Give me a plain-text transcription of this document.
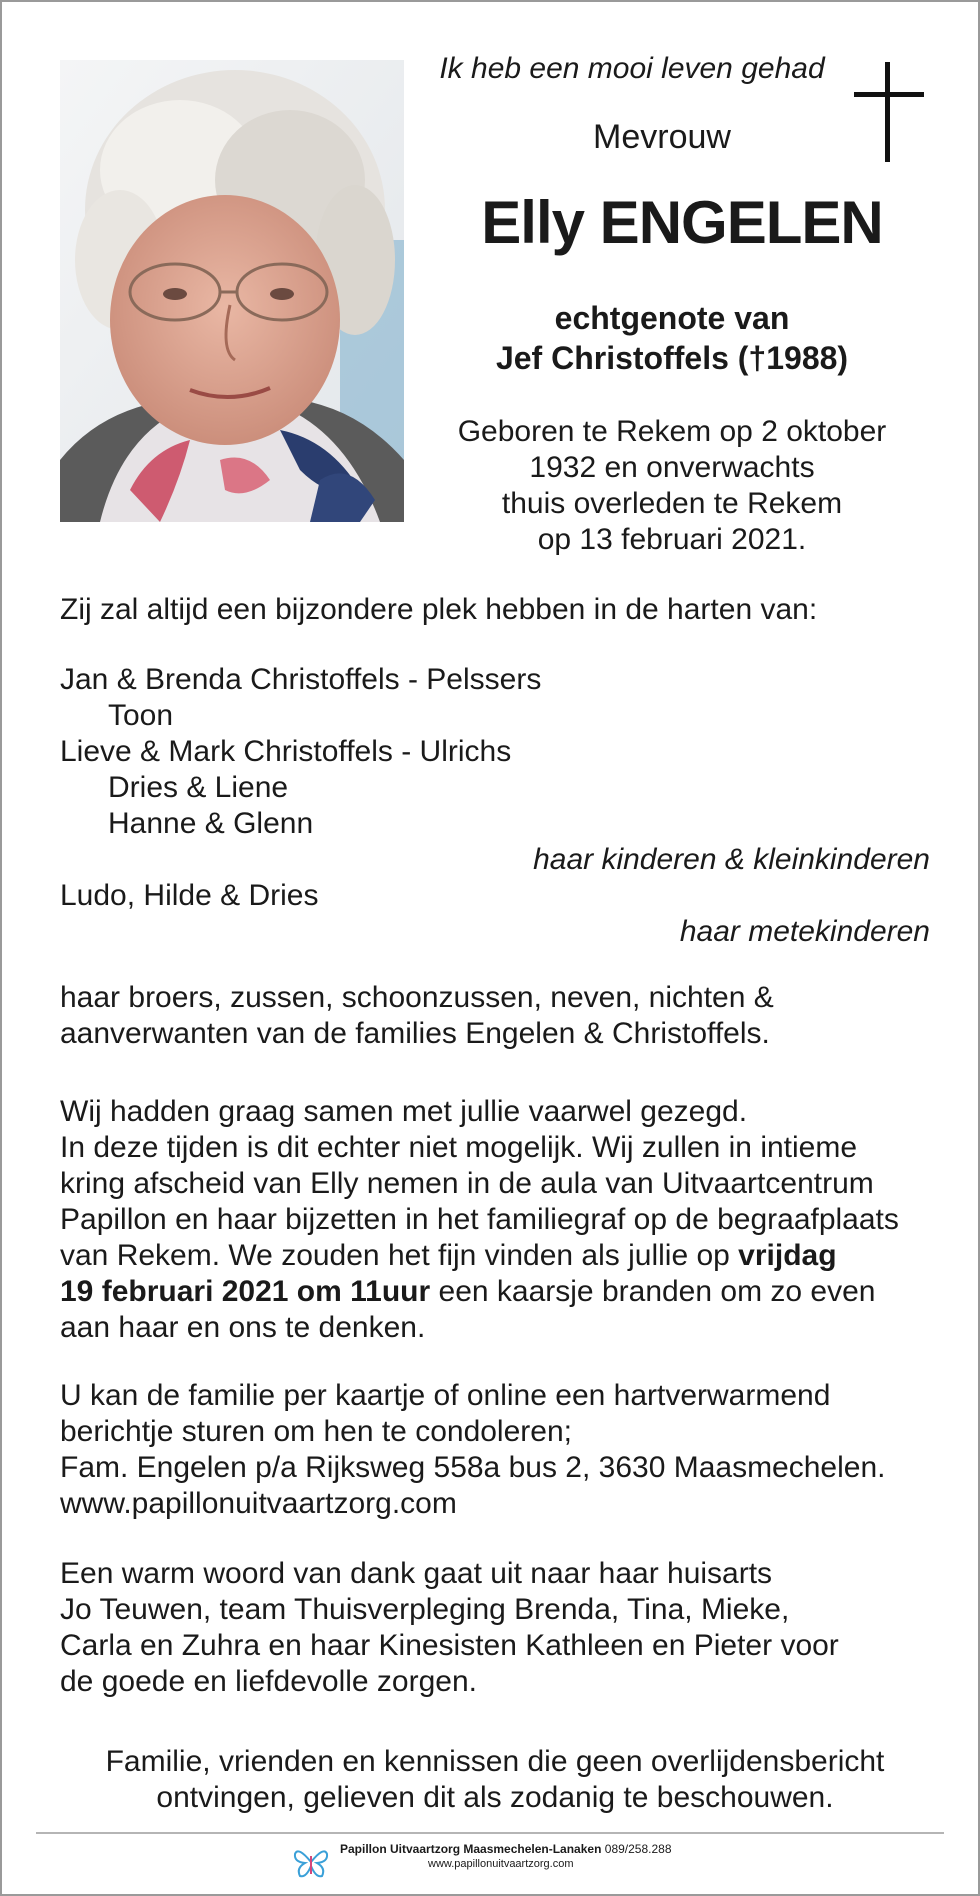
Ik heb een mooi leven gehad
Mevrouw
Elly ENGELEN
echtgenote van
Jef Christoffels (†1988)
Geboren te Rekem op 2 oktober
1932 en onverwachts
thuis overleden te Rekem
op 13 februari 2021.
Zij zal altijd een bijzondere plek hebben in de harten van:
Jan & Brenda Christoffels - Pelssers
Toon
Lieve & Mark Christoffels - Ulrichs
Dries & Liene
Hanne & Glenn
haar kinderen & kleinkinderen
Ludo, Hilde & Dries
haar metekinderen
haar broers, zussen, schoonzussen, neven, nichten &
aanverwanten van de families Engelen & Christoffels.
Wij hadden graag samen met jullie vaarwel gezegd.
In deze tijden is dit echter niet mogelijk. Wij zullen in intieme
kring afscheid van Elly nemen in de aula van Uitvaartcentrum
Papillon en haar bijzetten in het familiegraf op de begraafplaats
van Rekem. We zouden het fijn vinden als jullie op vrijdag
19 februari 2021 om 11uur een kaarsje branden om zo even
aan haar en ons te denken.
U kan de familie per kaartje of online een hartverwarmend
berichtje sturen om hen te condoleren;
Fam. Engelen p/a Rijksweg 558a bus 2, 3630 Maasmechelen.
www.papillonuitvaartzorg.com
Een warm woord van dank gaat uit naar haar huisarts
Jo Teuwen, team Thuisverpleging Brenda, Tina, Mieke,
Carla en Zuhra en haar Kinesisten Kathleen en Pieter voor
de goede en liefdevolle zorgen.
Familie, vrienden en kennissen die geen overlijdensbericht
ontvingen, gelieven dit als zodanig te beschouwen.
Papillon Uitvaartzorg Maasmechelen-Lanaken 089/258.288
www.papillonuitvaartzorg.com
